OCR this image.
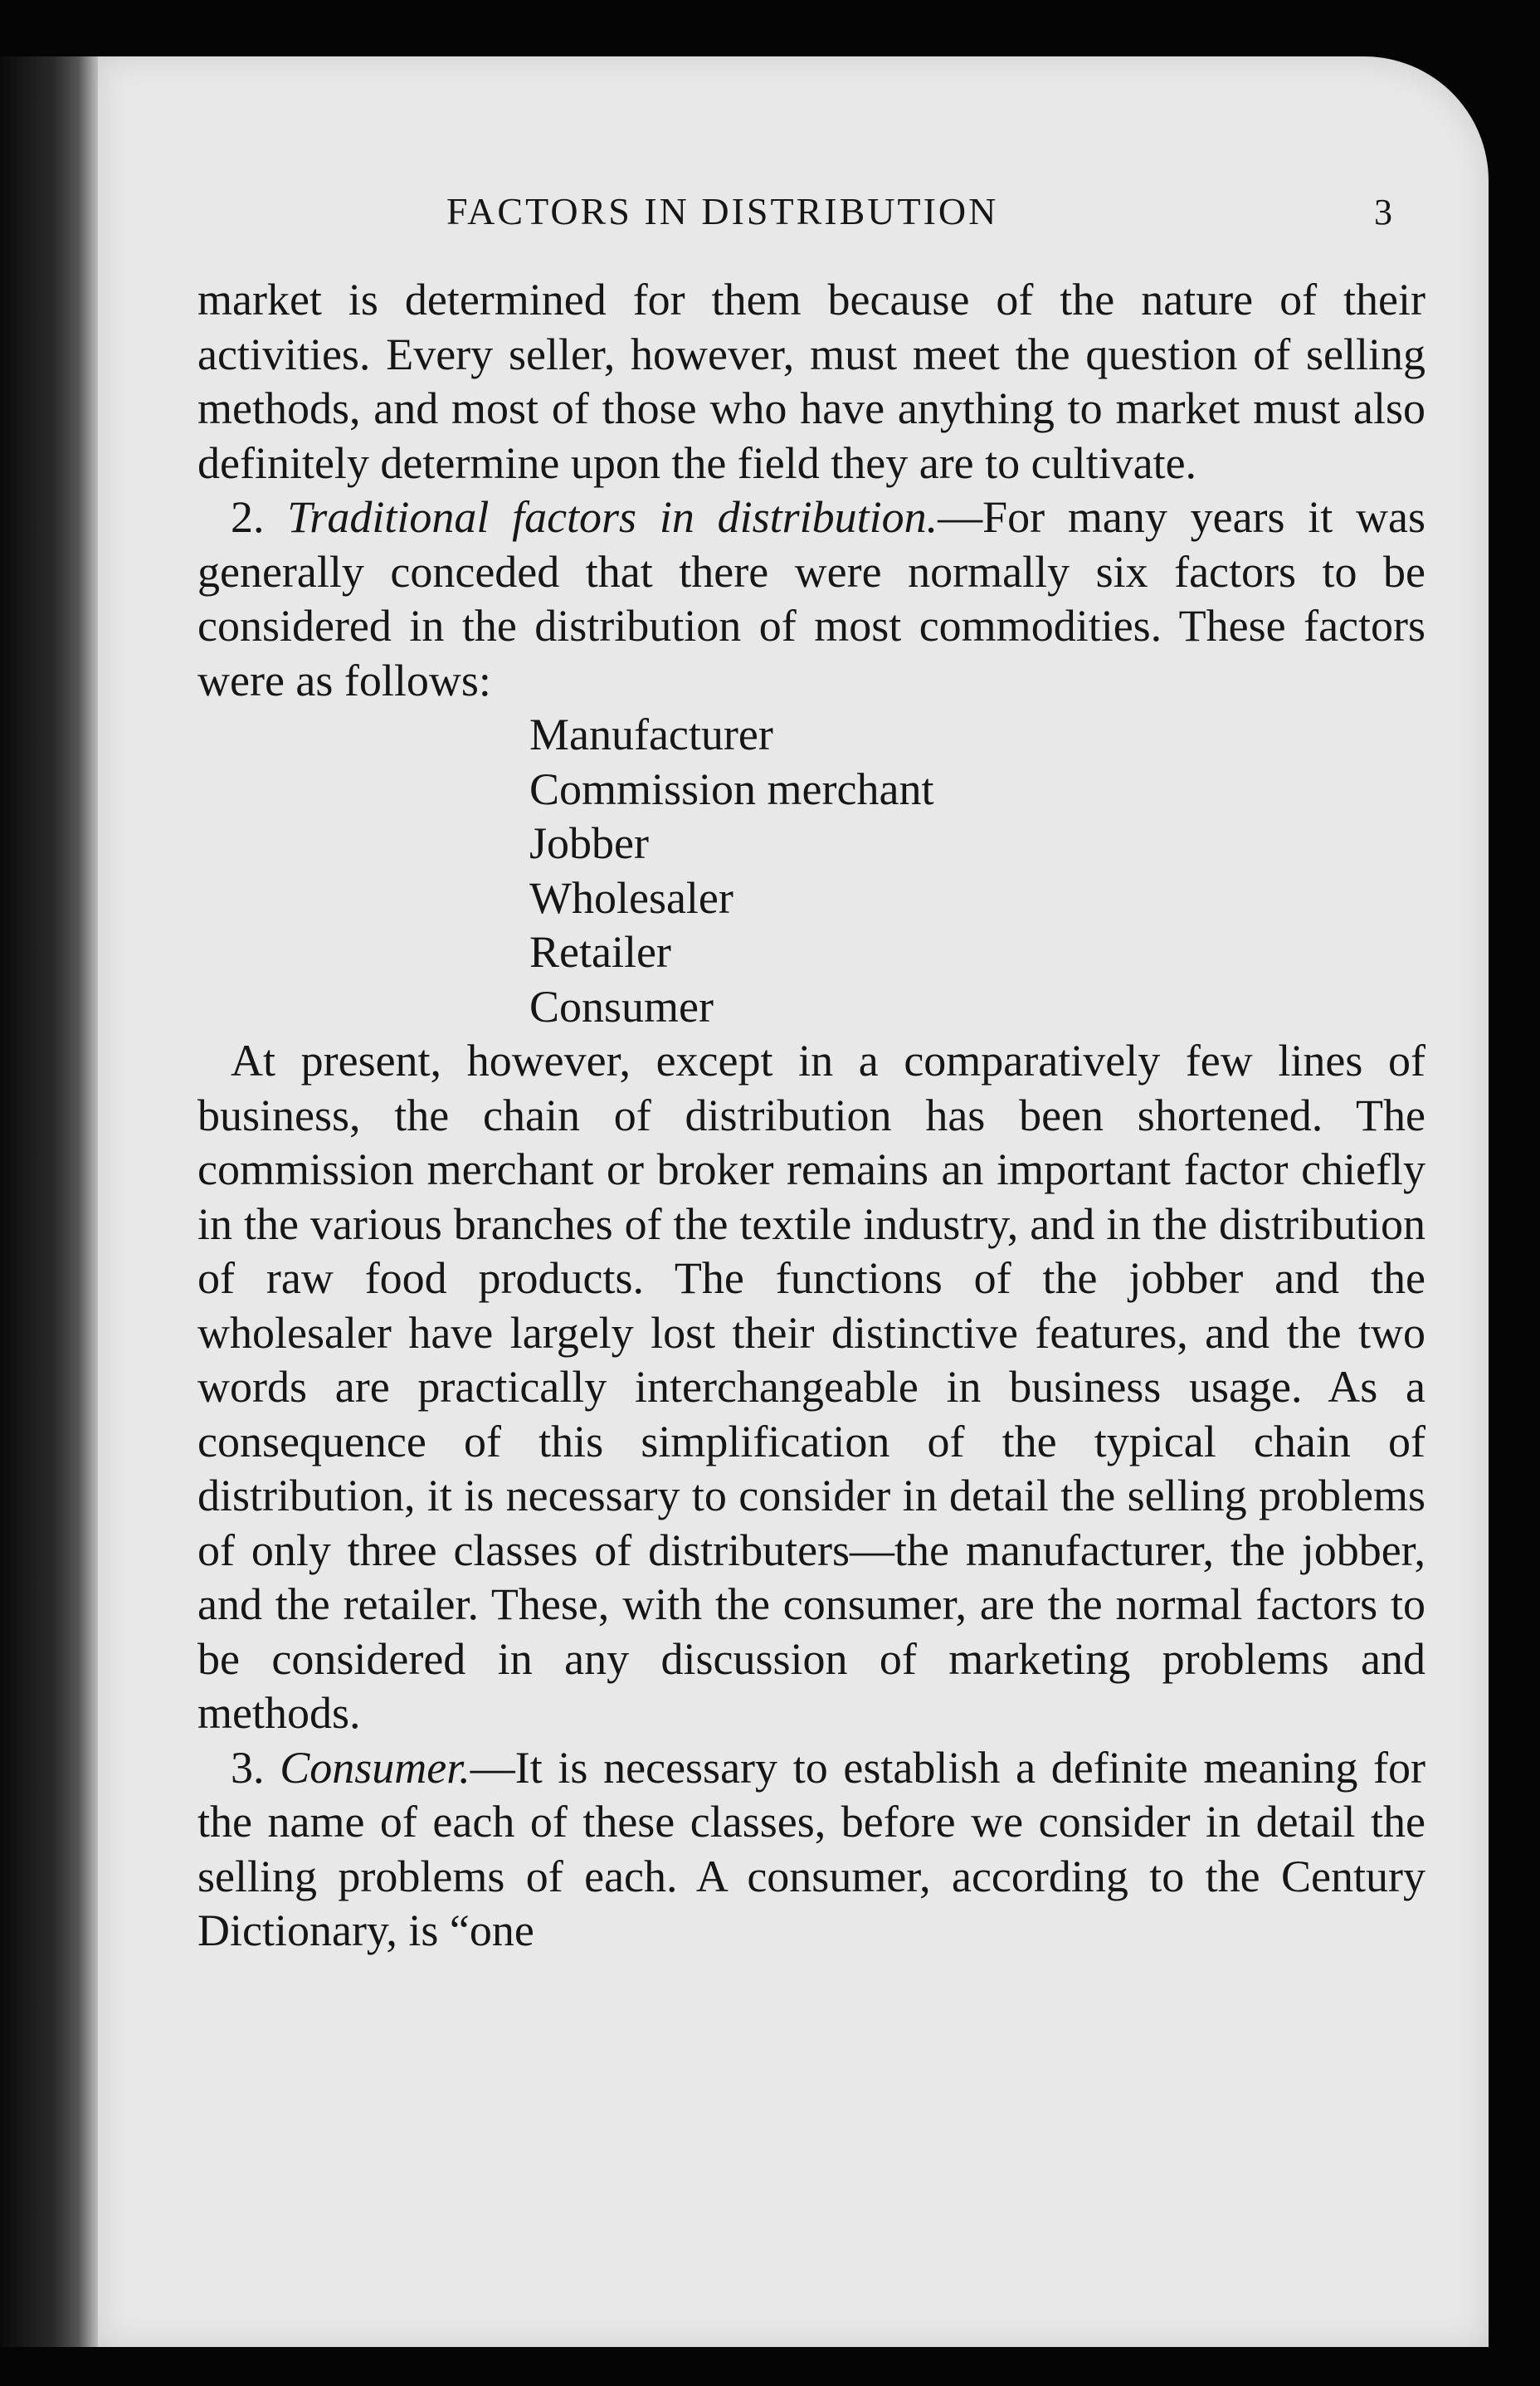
FACTORS IN DISTRIBUTION	3

market is determined for them because of the nature of their activities. Every seller, however, must meet the question of selling methods, and most of those who have anything to market must also definitely determine upon the field they are to cultivate.

2. Traditional factors in distribution.—For many years it was generally conceded that there were normally six factors to be considered in the distribution of most commodities. These factors were as follows:

Manufacturer
Commission merchant
Jobber
Wholesaler
Retailer
Consumer

At present, however, except in a comparatively few lines of business, the chain of distribution has been shortened. The commission merchant or broker remains an important factor chiefly in the various branches of the textile industry, and in the distribution of raw food products. The functions of the jobber and the wholesaler have largely lost their distinctive features, and the two words are practically interchangeable in business usage. As a consequence of this simplification of the typical chain of distribution, it is necessary to consider in detail the selling problems of only three classes of distributers—the manufacturer, the jobber, and the retailer. These, with the consumer, are the normal factors to be considered in any discussion of marketing problems and methods.

3. Consumer.—It is necessary to establish a definite meaning for the name of each of these classes, before we consider in detail the selling problems of each. A consumer, according to the Century Dictionary, is “one
